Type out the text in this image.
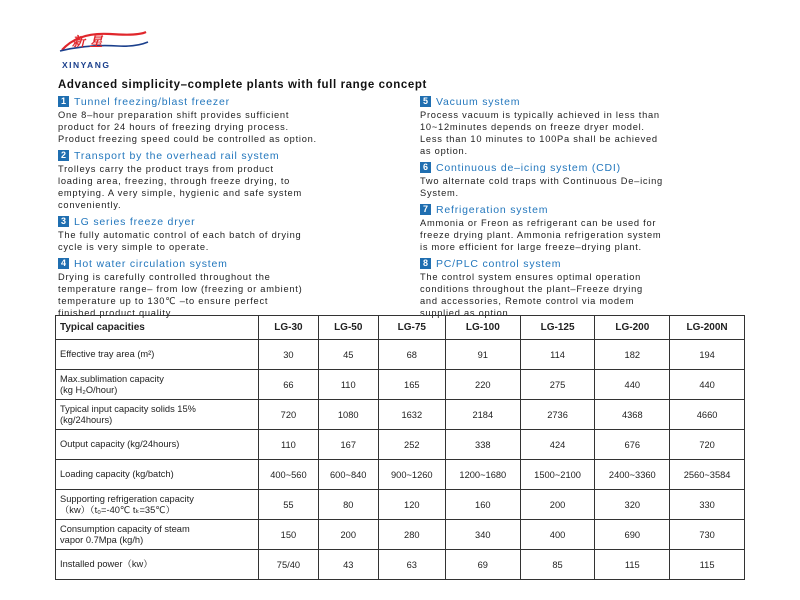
新 星
XINYANG
Advanced simplicity–complete plants with full range concept
1 Tunnel freezing/blast freezer

One 8–hour preparation shift provides sufficient
product for 24 hours of freezing drying process.
Product freezing speed could be controlled as option.

2 Transport by the overhead rail system

Trolleys carry the product trays from product
loading area, freezing, through freeze drying, to
emptying. A very simple, hygienic and safe system
conveniently.

3 LG series freeze dryer

The fully automatic control of each batch of drying
cycle is very simple to operate.

4 Hot water circulation system

Drying is carefully controlled throughout the
temperature range– from low (freezing or ambient)
temperature up to 130℃ –to ensure perfect
finished product quality.

5 Vacuum system

Process vacuum is typically achieved in less than
10~12minutes depends on freeze dryer model.
Less than 10 minutes to 100Pa shall be achieved
as option.

6 Continuous de–icing system (CDI)

Two alternate cold traps with Continuous De–icing
System.

7 Refrigeration system

Ammonia or Freon as refrigerant can be used for
freeze drying plant. Ammonia refrigeration system
is more efficient for large freeze–drying plant.

8 PC/PLC control system

The control system ensures optimal operation
conditions throughout the plant–Freeze drying
and accessories, Remote control via modem
supplied as option.

Typical capacities	LG-30	LG-50	LG-75	LG-100	LG-125	LG-200	LG-200N
Effective tray area (m²)	30	45	68	91	114	182	194
Max.sublimation capacity
(kg H₂O/hour)	66	110	165	220	275	440	440
Typical input capacity solids 15%
(kg/24hours)	720	1080	1632	2184	2736	4368	4660
Output capacity (kg/24hours)	110	167	252	338	424	676	720
Loading capacity (kg/batch)	400~560	600~840	900~1260	1200~1680	1500~2100	2400~3360	2560~3584
Supporting refrigeration capacity
（kw）（t₀=-40℃ tₖ=35℃）	55	80	120	160	200	320	330
Consumption capacity of steam
vapor 0.7Mpa (kg/h)	150	200	280	340	400	690	730
Installed power（kw）	75/40	43	63	69	85	115	115
